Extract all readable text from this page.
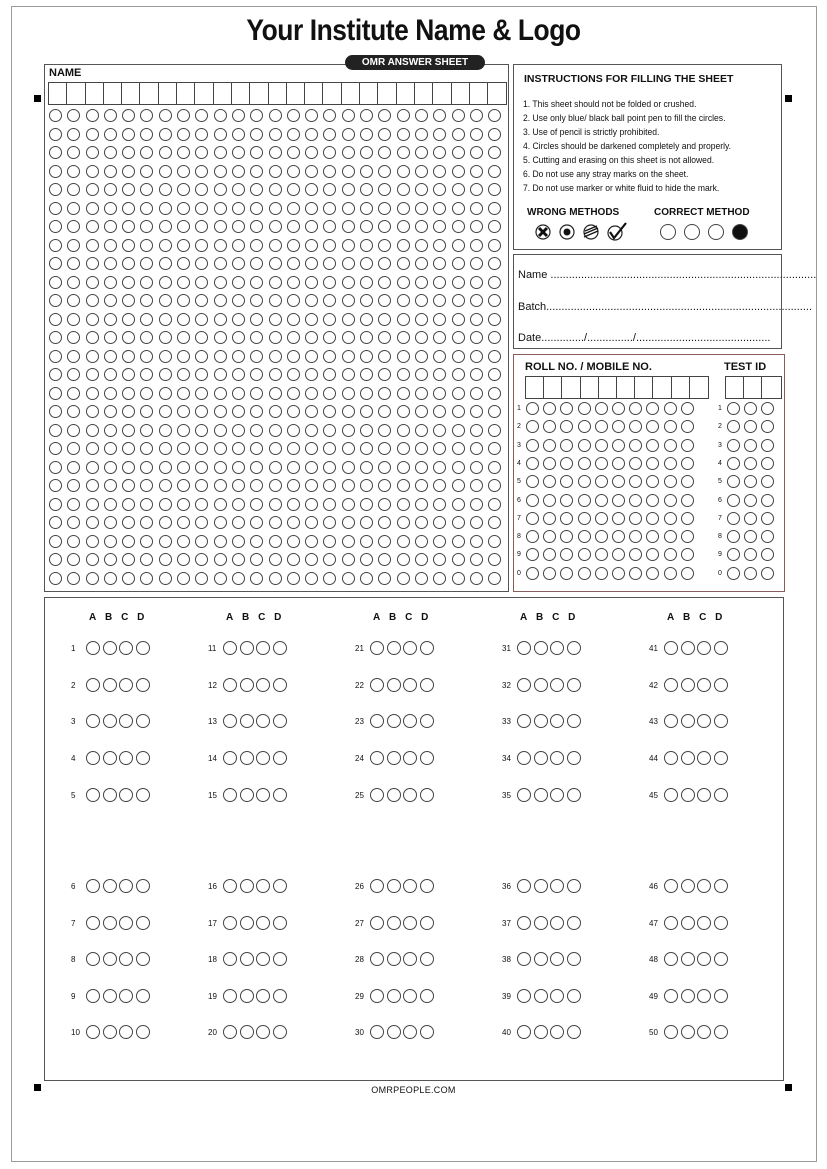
Your Institute Name & Logo
OMR ANSWER SHEET
NAME	INSTRUCTIONS FOR FILLING THE SHEET
1. This sheet should not be folded or crushed.
2. Use only blue/ black ball point pen to fill the circles.
3. Use of pencil is strictly prohibited.
4. Circles should be darkened completely and properly.
5. Cutting and erasing on this sheet is not allowed.
6. Do not use any stray marks on the sheet.
7. Do not use marker or white fluid to hide the mark.
WRONG METHODS	CORRECT METHOD
Name .......................................................................................
Batch.......................................................................................
Date............../.............../............................................
ROLL NO. / MOBILE NO.	TEST ID
1	1
2	2
3	3
4	4
5	5
6	6
7	7
8	8
9	9
0	0
A B C D
1
2
3
4
5
6
7
8
9
10
A B C D
11
12
13
14
15
16
17
18
19
20
A B C D
21
22
23
24
25
26
27
28
29
30
A B C D
31
32
33
34
35
36
37
38
39
40
A B C D
41
42
43
44
45
46
47
48
49
50
OMRPEOPLE.COM
